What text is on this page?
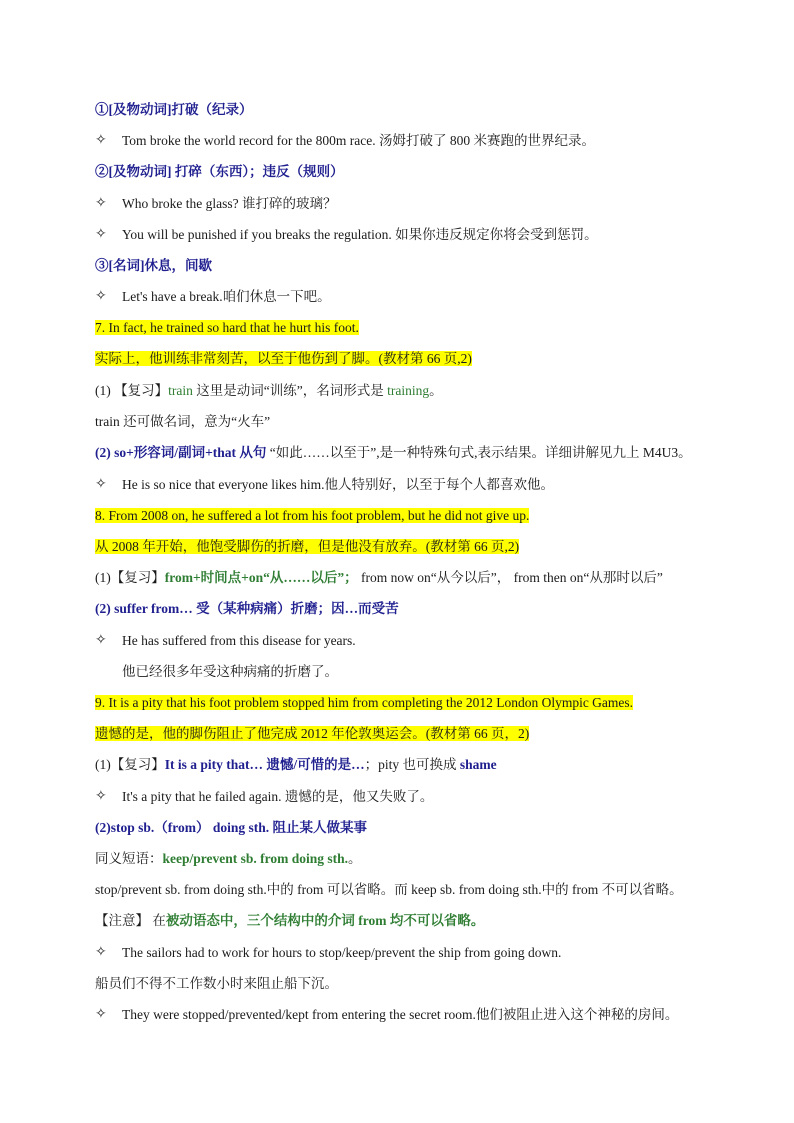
①[及物动词]打破（纪录）
✧ Tom broke the world record for the 800m race. 汤姆打破了 800 米赛跑的世界纪录。
②[及物动词] 打碎（东西）；违反（规则）
✧ Who broke the glass? 谁打碎的玻璃？
✧ You will be punished if you breaks the regulation. 如果你违反规定你将会受到惩罚。
③[名词]休息，间歇
✧ Let's have a break.咱们休息一下吧。
7. In fact, he trained so hard that he hurt his foot.
实际上，他训练非常刻苦，以至于他伤到了脚。(教材第 66 页,2)
(1) 【复习】train 这里是动词“训练”，名词形式是 training。
train 还可做名词，意为“火车”
(2) so+形容词/副词+that 从句 “如此……以至于”,是一种特殊句式,表示结果。详细讲解见九上 M4U3。
✧ He is so nice that everyone likes him.他人特别好，以至于每个人都喜欢他。
8. From 2008 on, he suffered a lot from his foot problem, but he did not give up.
从 2008 年开始，他饱受脚伤的折磨，但是他没有放弃。(教材第 66 页,2)
(1)【复习】from+时间点+on“从……以后”； from now on“从今以后”， from then on“从那时以后”
(2) suffer from… 受（某种病痛）折磨；因…而受苦
✧ He has suffered from this disease for years.
他已经很多年受这种病痛的折磨了。
9. It is a pity that his foot problem stopped him from completing the 2012 London Olympic Games.
遗憾的是，他的脚伤阻止了他完成 2012 年伦敦奥运会。(教材第 66 页，2)
(1)【复习】It is a pity that… 遗憾/可惜的是…；pity 也可换成 shame
✧ It's a pity that he failed again. 遗憾的是，他又失败了。
(2)stop sb.（from） doing sth. 阻止某人做某事
同义短语：keep/prevent sb. from doing sth.。
stop/prevent sb. from doing sth.中的 from 可以省略。而 keep sb. from doing sth.中的 from 不可以省略。
【注意】 在被动语态中，三个结构中的介词 from 均不可以省略。
✧ The sailors had to work for hours to stop/keep/prevent the ship from going down.
船员们不得不工作数小时来阻止船下沉。
✧ They were stopped/prevented/kept from entering the secret room.他们被阻止进入这个神秘的房间。
